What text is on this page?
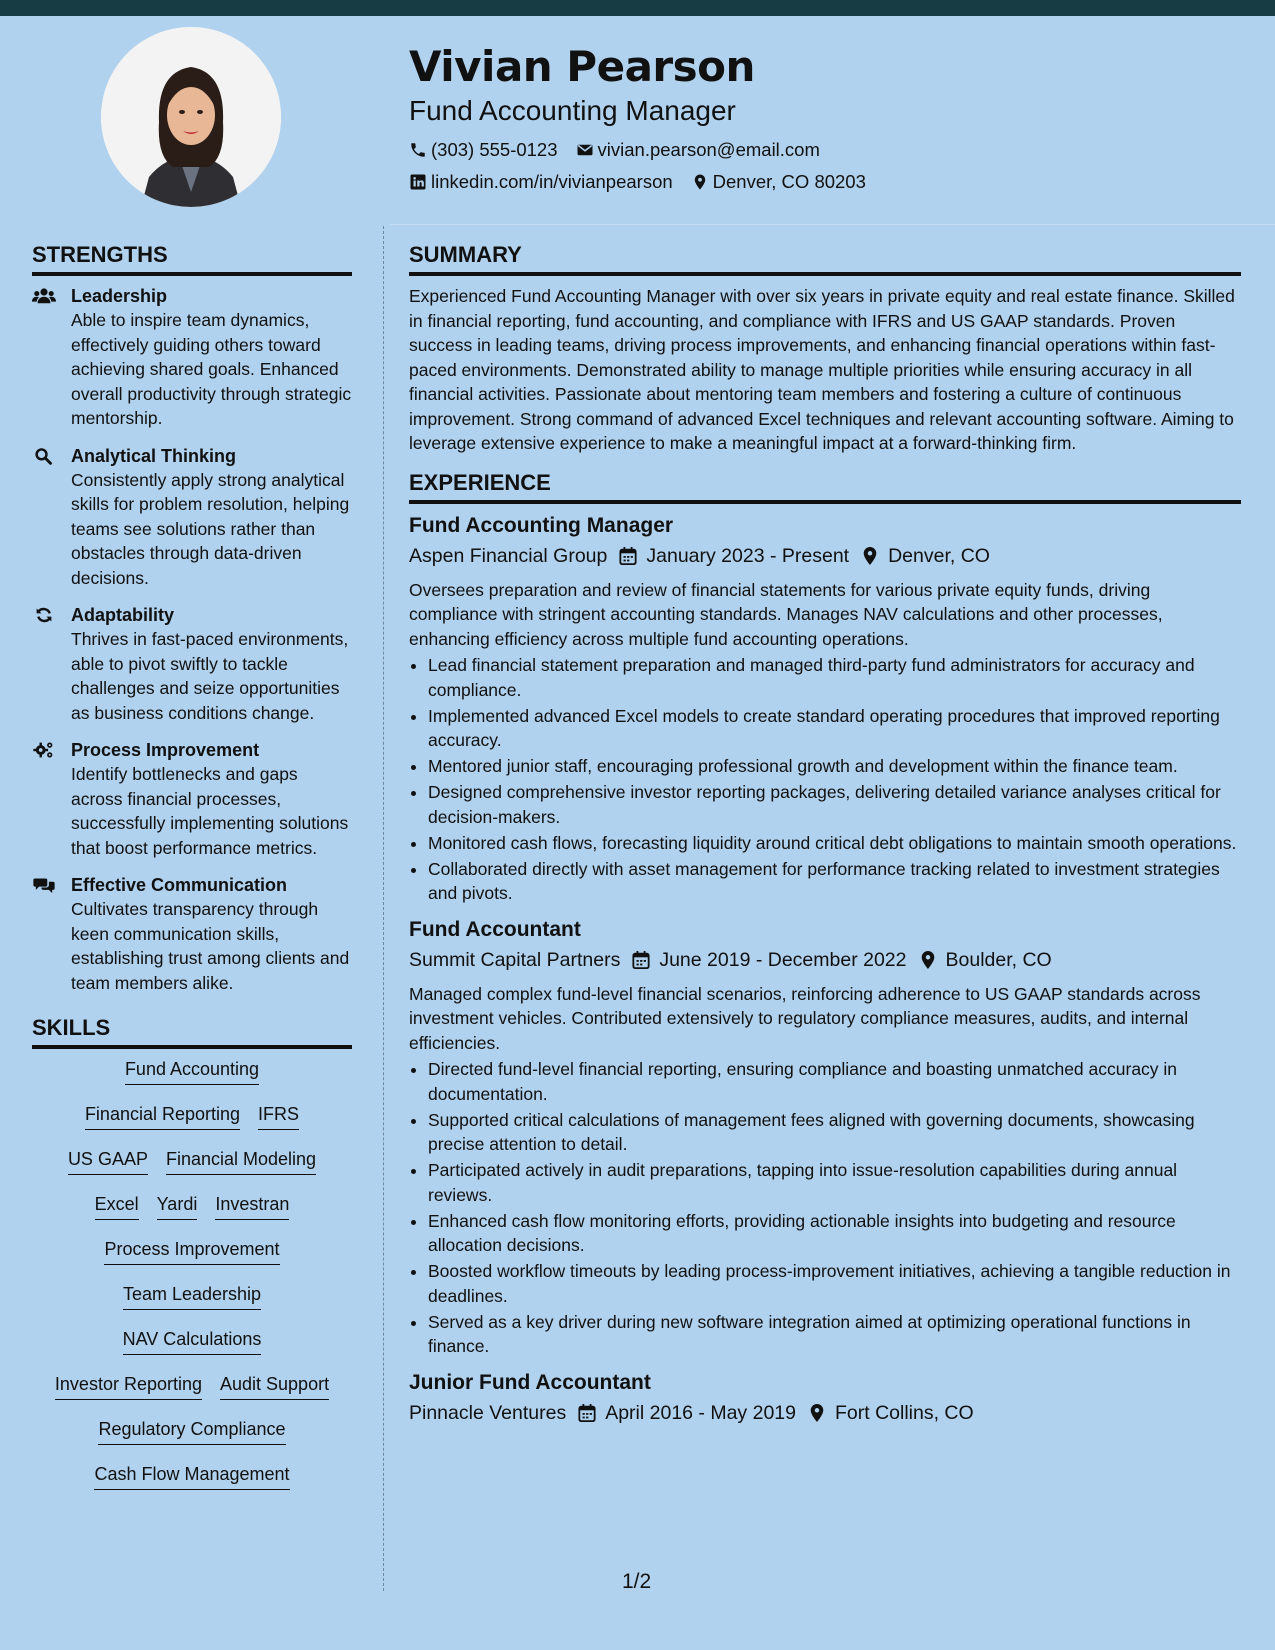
Vivian Pearson
Fund Accounting Manager
(303) 555-0123 vivian.pearson@email.com
linkedin.com/in/vivianpearson Denver, CO 80203
STRENGTHS
Leadership
Able to inspire team dynamics, effectively guiding others toward achieving shared goals. Enhanced overall productivity through strategic mentorship.
Analytical Thinking
Consistently apply strong analytical skills for problem resolution, helping teams see solutions rather than obstacles through data-driven decisions.
Adaptability
Thrives in fast-paced environments, able to pivot swiftly to tackle challenges and seize opportunities as business conditions change.
Process Improvement
Identify bottlenecks and gaps across financial processes, successfully implementing solutions that boost performance metrics.
Effective Communication
Cultivates transparency through keen communication skills, establishing trust among clients and team members alike.
SKILLS
Fund Accounting
Financial Reporting IFRS
US GAAP Financial Modeling
Excel Yardi Investran
Process Improvement
Team Leadership
NAV Calculations
Investor Reporting Audit Support
Regulatory Compliance
Cash Flow Management
SUMMARY

Experienced Fund Accounting Manager with over six years in private equity and real estate finance. Skilled in financial reporting, fund accounting, and compliance with IFRS and US GAAP standards. Proven success in leading teams, driving process improvements, and enhancing financial operations within fast-paced environments. Demonstrated ability to manage multiple priorities while ensuring accuracy in all financial activities. Passionate about mentoring team members and fostering a culture of continuous improvement. Strong command of advanced Excel techniques and relevant accounting software. Aiming to leverage extensive experience to make a meaningful impact at a forward-thinking firm.

EXPERIENCE
Fund Accounting Manager
Aspen Financial Group January 2023 - Present Denver, CO

Oversees preparation and review of financial statements for various private equity funds, driving compliance with stringent accounting standards. Manages NAV calculations and other processes, enhancing efficiency across multiple fund accounting operations.

• Lead financial statement preparation and managed third-party fund administrators for accuracy and compliance.
• Implemented advanced Excel models to create standard operating procedures that improved reporting accuracy.
• Mentored junior staff, encouraging professional growth and development within the finance team.
• Designed comprehensive investor reporting packages, delivering detailed variance analyses critical for decision-makers.
• Monitored cash flows, forecasting liquidity around critical debt obligations to maintain smooth operations.
• Collaborated directly with asset management for performance tracking related to investment strategies and pivots.
Fund Accountant
Summit Capital Partners June 2019 - December 2022 Boulder, CO

Managed complex fund-level financial scenarios, reinforcing adherence to US GAAP standards across investment vehicles. Contributed extensively to regulatory compliance measures, audits, and internal efficiencies.

• Directed fund-level financial reporting, ensuring compliance and boasting unmatched accuracy in documentation.
• Supported critical calculations of management fees aligned with governing documents, showcasing precise attention to detail.
• Participated actively in audit preparations, tapping into issue-resolution capabilities during annual reviews.
• Enhanced cash flow monitoring efforts, providing actionable insights into budgeting and resource allocation decisions.
• Boosted workflow timeouts by leading process-improvement initiatives, achieving a tangible reduction in deadlines.
• Served as a key driver during new software integration aimed at optimizing operational functions in finance.
Junior Fund Accountant
Pinnacle Ventures April 2016 - May 2019 Fort Collins, CO
1/2
